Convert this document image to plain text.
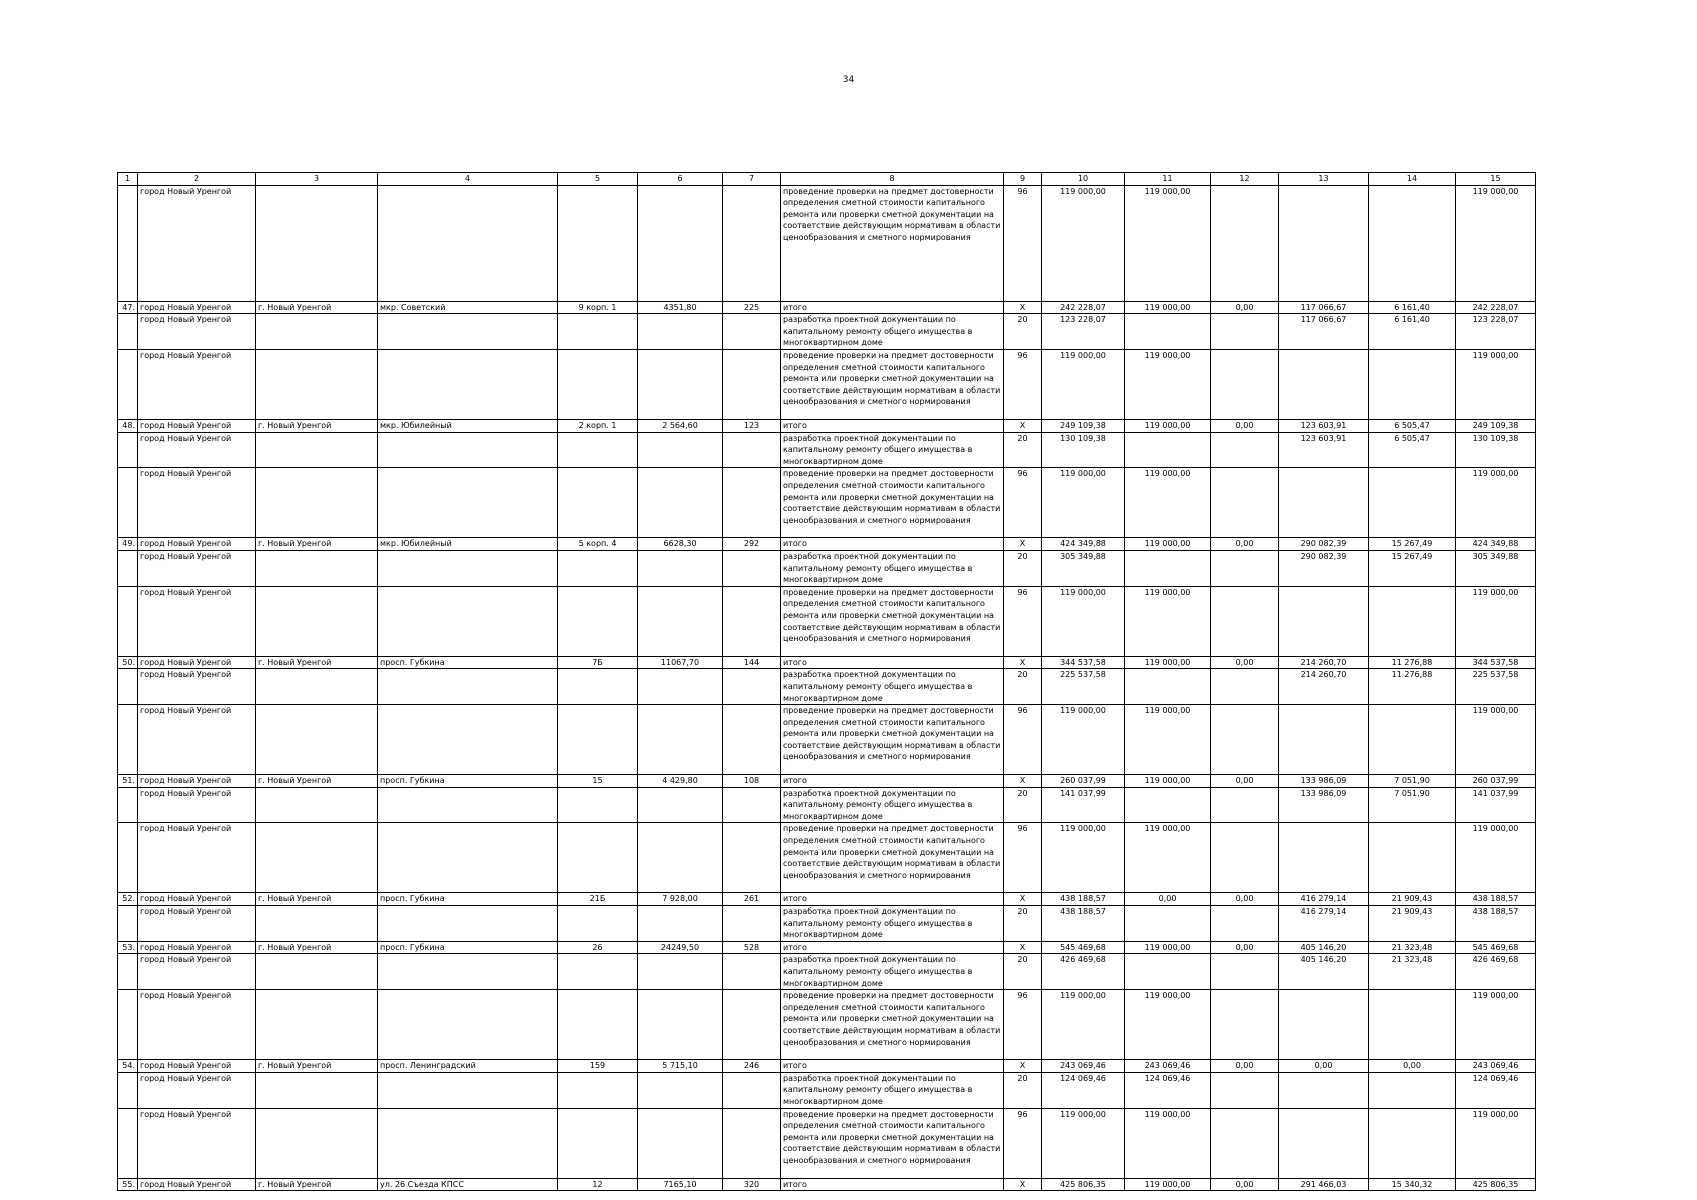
34
1	2	3	4	5	6	7	8	9	10	11	12	13	14	15
	город Новый Уренгой						проведение проверки на предмет достоверности определения сметной стоимости капитального ремонта или проверки сметной документации на соответствие действующим нормативам в области ценообразования и сметного нормирования	96	119 000,00	119 000,00				119 000,00
47.	город Новый Уренгой	г. Новый Уренгой	мкр. Советский	9 корп. 1	4351,80	225	итого	X	242 228,07	119 000,00	0,00	117 066,67	6 161,40	242 228,07
	город Новый Уренгой						разработка проектной документации по капитальному ремонту общего имущества в многоквартирном доме	20	123 228,07			117 066,67	6 161,40	123 228,07
	город Новый Уренгой						проведение проверки на предмет достоверности определения сметной стоимости капитального ремонта или проверки сметной документации на соответствие действующим нормативам в области ценообразования и сметного нормирования	96	119 000,00	119 000,00				119 000,00
48.	город Новый Уренгой	г. Новый Уренгой	мкр. Юбилейный	2 корп. 1	2 564,60	123	итого	X	249 109,38	119 000,00	0,00	123 603,91	6 505,47	249 109,38
	город Новый Уренгой						разработка проектной документации по капитальному ремонту общего имущества в многоквартирном доме	20	130 109,38			123 603,91	6 505,47	130 109,38
	город Новый Уренгой						проведение проверки на предмет достоверности определения сметной стоимости капитального ремонта или проверки сметной документации на соответствие действующим нормативам в области ценообразования и сметного нормирования	96	119 000,00	119 000,00				119 000,00
49.	город Новый Уренгой	г. Новый Уренгой	мкр. Юбилейный	5 корп. 4	6628,30	292	итого	X	424 349,88	119 000,00	0,00	290 082,39	15 267,49	424 349,88
	город Новый Уренгой						разработка проектной документации по капитальному ремонту общего имущества в многоквартирном доме	20	305 349,88			290 082,39	15 267,49	305 349,88
	город Новый Уренгой						проведение проверки на предмет достоверности определения сметной стоимости капитального ремонта или проверки сметной документации на соответствие действующим нормативам в области ценообразования и сметного нормирования	96	119 000,00	119 000,00				119 000,00
50.	город Новый Уренгой	г. Новый Уренгой	просп. Губкина	7Б	11067,70	144	итого	X	344 537,58	119 000,00	0,00	214 260,70	11 276,88	344 537,58
	город Новый Уренгой						разработка проектной документации по капитальному ремонту общего имущества в многоквартирном доме	20	225 537,58			214 260,70	11 276,88	225 537,58
	город Новый Уренгой						проведение проверки на предмет достоверности определения сметной стоимости капитального ремонта или проверки сметной документации на соответствие действующим нормативам в области ценообразования и сметного нормирования	96	119 000,00	119 000,00				119 000,00
51.	город Новый Уренгой	г. Новый Уренгой	просп. Губкина	15	4 429,80	108	итого	X	260 037,99	119 000,00	0,00	133 986,09	7 051,90	260 037,99
	город Новый Уренгой						разработка проектной документации по капитальному ремонту общего имущества в многоквартирном доме	20	141 037,99			133 986,09	7 051,90	141 037,99
	город Новый Уренгой						проведение проверки на предмет достоверности определения сметной стоимости капитального ремонта или проверки сметной документации на соответствие действующим нормативам в области ценообразования и сметного нормирования	96	119 000,00	119 000,00				119 000,00
52.	город Новый Уренгой	г. Новый Уренгой	просп. Губкина	21Б	7 928,00	261	итого	X	438 188,57	0,00	0,00	416 279,14	21 909,43	438 188,57
	город Новый Уренгой						разработка проектной документации по капитальному ремонту общего имущества в многоквартирном доме	20	438 188,57			416 279,14	21 909,43	438 188,57
53.	город Новый Уренгой	г. Новый Уренгой	просп. Губкина	26	24249,50	528	итого	X	545 469,68	119 000,00	0,00	405 146,20	21 323,48	545 469,68
	город Новый Уренгой						разработка проектной документации по капитальному ремонту общего имущества в многоквартирном доме	20	426 469,68			405 146,20	21 323,48	426 469,68
	город Новый Уренгой						проведение проверки на предмет достоверности определения сметной стоимости капитального ремонта или проверки сметной документации на соответствие действующим нормативам в области ценообразования и сметного нормирования	96	119 000,00	119 000,00				119 000,00
54.	город Новый Уренгой	г. Новый Уренгой	просп. Ленинградский	159	5 715,10	246	итого	X	243 069,46	243 069,46	0,00	0,00	0,00	243 069,46
	город Новый Уренгой						разработка проектной документации по капитальному ремонту общего имущества в многоквартирном доме	20	124 069,46	124 069,46				124 069,46
	город Новый Уренгой						проведение проверки на предмет достоверности определения сметной стоимости капитального ремонта или проверки сметной документации на соответствие действующим нормативам в области ценообразования и сметного нормирования	96	119 000,00	119 000,00				119 000,00
55.	город Новый Уренгой	г. Новый Уренгой	ул. 26 Съезда КПСС	12	7165,10	320	итого	X	425 806,35	119 000,00	0,00	291 466,03	15 340,32	425 806,35
